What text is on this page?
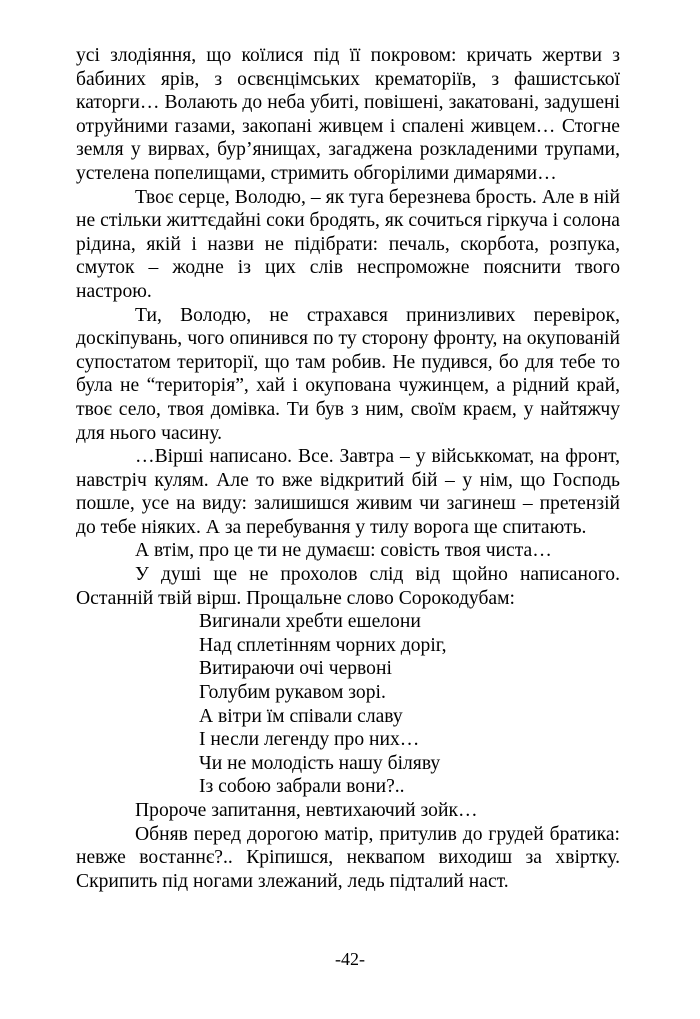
усі злодіяння, що коїлися під її покровом: кричать жертви з бабиних ярів, з освєнцімських крематоріїв, з фашистської каторги… Волають до неба убиті, повішені, закатовані, задушені отруйними газами, закопані живцем і спалені живцем… Стогне земля у вирвах, бур’янищах, загаджена розкладеними трупами, устелена попелищами, стримить обгорілими димарями…

Твоє серце, Володю, – як туга березнева брость. Але в ній не стільки життєдайні соки бродять, як сочиться гіркуча і солона рідина, якій і назви не підібрати: печаль, скорбота, розпука, смуток – жодне із цих слів неспроможне пояснити твого настрою.

Ти, Володю, не страхався принизливих перевірок, доскіпувань, чого опинився по ту сторону фронту, на окупованій супостатом території, що там робив. Не пудився, бо для тебе то була не “територія”, хай і окупована чужинцем, а рідний край, твоє село, твоя домівка. Ти був з ним, своїм краєм, у найтяжчу для нього часину.

…Вірші написано. Все. Завтра – у військкомат, на фронт, навстріч кулям. Але то вже відкритий бій – у нім, що Господь пошле, усе на виду: залишишся живим чи загинеш – претензій до тебе ніяких. А за перебування у тилу ворога ще спитають.

А втім, про це ти не думаєш: совість твоя чиста…

У душі ще не прохолов слід від щойно написаного. Останній твій вірш. Прощальне слово Сорокодубам:

Вигинали хребти ешелони
Над сплетінням чорних доріг,
Витираючи очі червоні
Голубим рукавом зорі.
А вітри їм співали славу
І несли легенду про них…
Чи не молодість нашу біляву
Із собою забрали вони?..

Пророче запитання, невтихаючий зойк…

Обняв перед дорогою матір, притулив до грудей братика: невже востаннє?.. Кріпишся, неквапом виходиш за хвіртку. Скрипить під ногами злежаний, ледь підталий наст.

-42-
